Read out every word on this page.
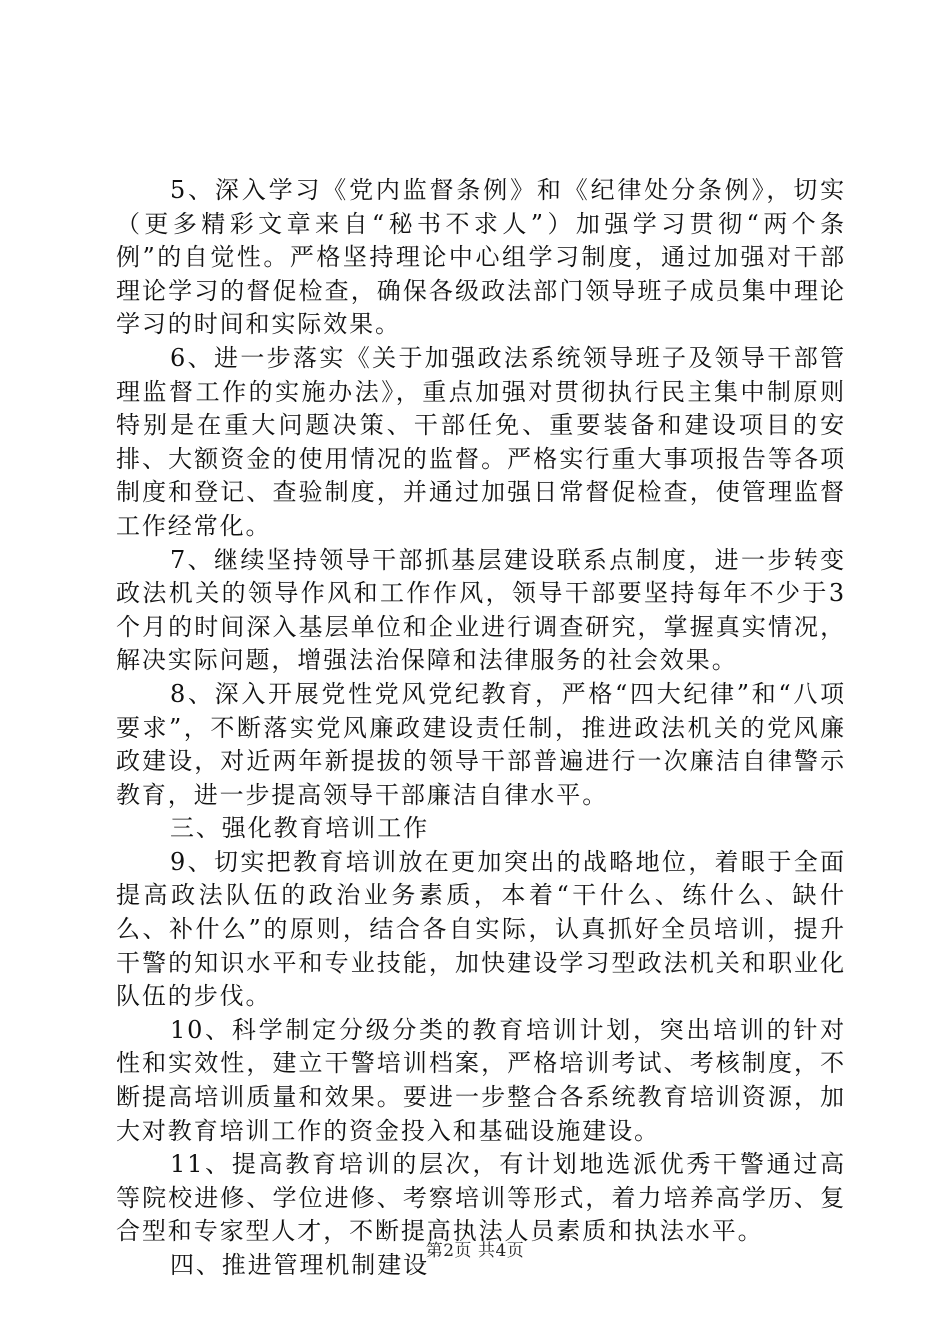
5、深入学习《党内监督条例》和《纪律处分条例》，切实（更多精彩文章来自“秘书不求人”）加强学习贯彻“两个条例”的自觉性。严格坚持理论中心组学习制度，通过加强对干部理论学习的督促检查，确保各级政法部门领导班子成员集中理论学习的时间和实际效果。

6、进一步落实《关于加强政法系统领导班子及领导干部管理监督工作的实施办法》，重点加强对贯彻执行民主集中制原则特别是在重大问题决策、干部任免、重要装备和建设项目的安排、大额资金的使用情况的监督。严格实行重大事项报告等各项制度和登记、查验制度，并通过加强日常督促检查，使管理监督工作经常化。

7、继续坚持领导干部抓基层建设联系点制度，进一步转变政法机关的领导作风和工作作风，领导干部要坚持每年不少于3个月的时间深入基层单位和企业进行调查研究，掌握真实情况，解决实际问题，增强法治保障和法律服务的社会效果。

8、深入开展党性党风党纪教育，严格“四大纪律”和“八项要求”，不断落实党风廉政建设责任制，推进政法机关的党风廉政建设，对近两年新提拔的领导干部普遍进行一次廉洁自律警示教育，进一步提高领导干部廉洁自律水平。

三、强化教育培训工作

9、切实把教育培训放在更加突出的战略地位，着眼于全面提高政法队伍的政治业务素质，本着“干什么、练什么、缺什么、补什么”的原则，结合各自实际，认真抓好全员培训，提升干警的知识水平和专业技能，加快建设学习型政法机关和职业化队伍的步伐。

10、科学制定分级分类的教育培训计划，突出培训的针对性和实效性，建立干警培训档案，严格培训考试、考核制度，不断提高培训质量和效果。要进一步整合各系统教育培训资源，加大对教育培训工作的资金投入和基础设施建设。

11、提高教育培训的层次，有计划地选派优秀干警通过高等院校进修、学位进修、考察培训等形式，着力培养高学历、复合型和专家型人才，不断提高执法人员素质和执法水平。

四、推进管理机制建设

第2页 共4页
